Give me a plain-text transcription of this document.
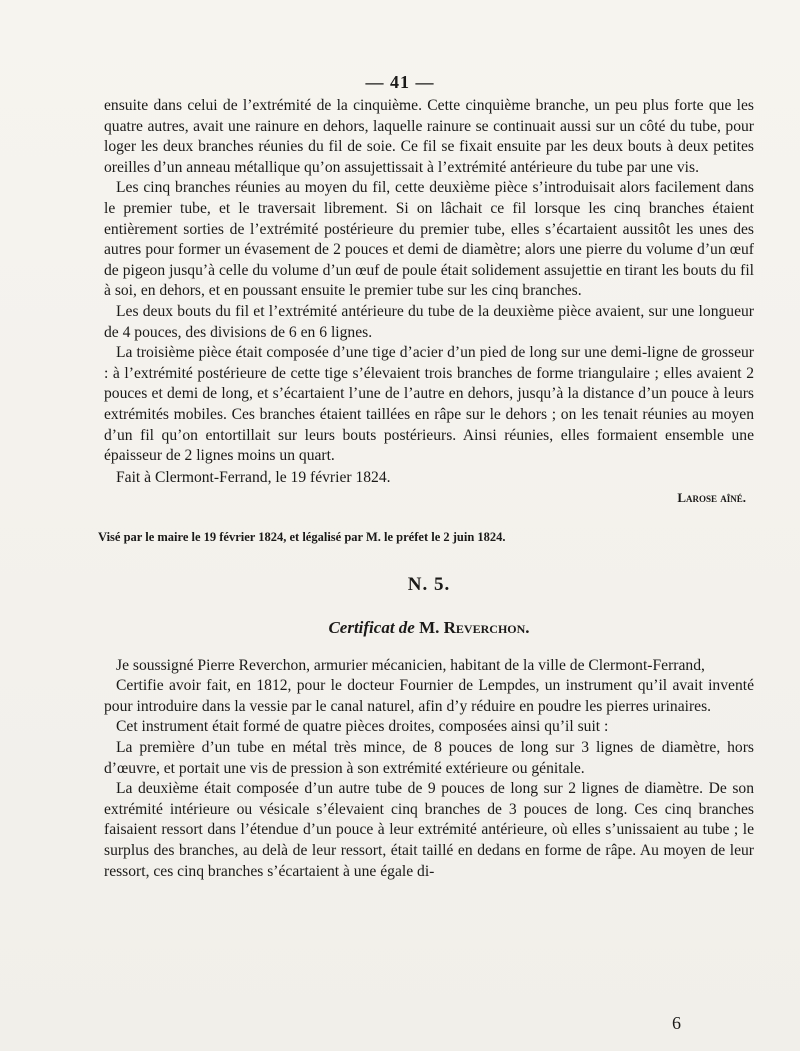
— 41 —

ensuite dans celui de l’extrémité de la cinquième. Cette cinquième branche, un peu plus forte que les quatre autres, avait une rainure en dehors, laquelle rainure se continuait aussi sur un côté du tube, pour loger les deux branches réunies du fil de soie. Ce fil se fixait ensuite par les deux bouts à deux petites oreilles d’un anneau métallique qu’on assujettissait à l’extrémité antérieure du tube par une vis.

Les cinq branches réunies au moyen du fil, cette deuxième pièce s’introduisait alors facilement dans le premier tube, et le traversait librement. Si on lâchait ce fil lorsque les cinq branches étaient entièrement sorties de l’extrémité postérieure du premier tube, elles s’écartaient aussitôt les unes des autres pour former un évasement de 2 pouces et demi de diamètre; alors une pierre du volume d’un œuf de pigeon jusqu’à celle du volume d’un œuf de poule était solidement assujettie en tirant les bouts du fil à soi, en dehors, et en poussant ensuite le premier tube sur les cinq branches.

Les deux bouts du fil et l’extrémité antérieure du tube de la deuxième pièce avaient, sur une longueur de 4 pouces, des divisions de 6 en 6 lignes.

La troisième pièce était composée d’une tige d’acier d’un pied de long sur une demi-ligne de grosseur : à l’extrémité postérieure de cette tige s’élevaient trois branches de forme triangulaire ; elles avaient 2 pouces et demi de long, et s’écartaient l’une de l’autre en dehors, jusqu’à la distance d’un pouce à leurs extrémités mobiles. Ces branches étaient taillées en râpe sur le dehors ; on les tenait réunies au moyen d’un fil qu’on entortillait sur leurs bouts postérieurs. Ainsi réunies, elles formaient ensemble une épaisseur de 2 lignes moins un quart.

Fait à Clermont-Ferrand, le 19 février 1824.

Larose aîné.

Visé par le maire le 19 février 1824, et légalisé par M. le préfet le 2 juin 1824.

N. 5.
Certificat de M. Reverchon.

Je soussigné Pierre Reverchon, armurier mécanicien, habitant de la ville de Clermont-Ferrand,

Certifie avoir fait, en 1812, pour le docteur Fournier de Lempdes, un instrument qu’il avait inventé pour introduire dans la vessie par le canal naturel, afin d’y réduire en poudre les pierres urinaires.

Cet instrument était formé de quatre pièces droites, composées ainsi qu’il suit :

La première d’un tube en métal très mince, de 8 pouces de long sur 3 lignes de diamètre, hors d’œuvre, et portait une vis de pression à son extrémité extérieure ou génitale.

La deuxième était composée d’un autre tube de 9 pouces de long sur 2 lignes de diamètre. De son extrémité intérieure ou vésicale s’élevaient cinq branches de 3 pouces de long. Ces cinq branches faisaient ressort dans l’étendue d’un pouce à leur extrémité antérieure, où elles s’unissaient au tube ; le surplus des branches, au delà de leur ressort, était taillé en dedans en forme de râpe. Au moyen de leur ressort, ces cinq branches s’écartaient à une égale di-

6
